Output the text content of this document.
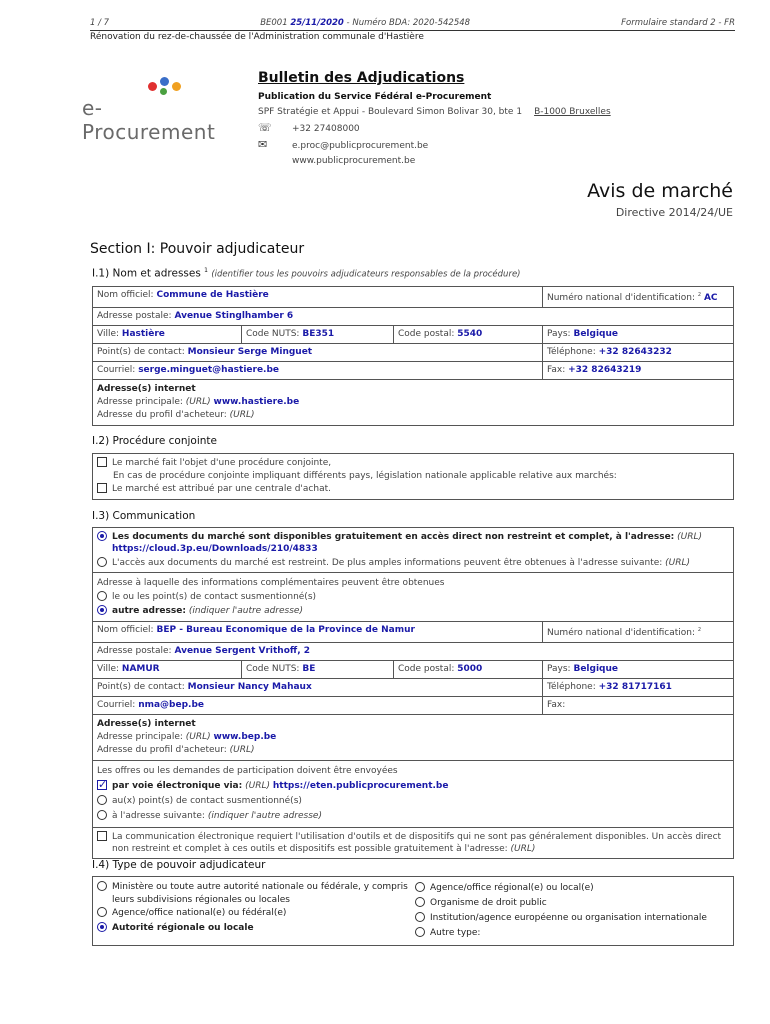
1 / 7	BE001 25/11/2020 - Numéro BDA: 2020-542548	Formulaire standard 2 - FR
Rénovation du rez-de-chaussée de l'Administration communale d'Hastière
e-Procurement
Bulletin des Adjudications
Publication du Service Fédéral e-Procurement
SPF Stratégie et Appui - Boulevard Simon Bolivar 30, bte 1 B-1000 Bruxelles
☏ +32 27408000
✉	e.proc@publicprocurement.be
www.publicprocurement.be
Avis de marché
Directive 2014/24/UE
Section I: Pouvoir adjudicateur
I.1) Nom et adresses $^1$ (identifier tous les pouvoirs adjudicateurs responsables de la procédure)
Nom officiel: Commune de Hastière	Numéro national d'identification: $^2$ AC
Adresse postale: Avenue Stinglhamber 6
Ville: Hastière	Code NUTS: BE351	Code postal: 5540	Pays: Belgique
Point(s) de contact: Monsieur Serge Minguet	Téléphone: +32 82643232
Courriel: serge.minguet@hastiere.be	Fax: +32 82643219
Adresse(s) internet
Adresse principale: (URL) www.hastiere.be
Adresse du profil d'acheteur: (URL)
I.2) Procédure conjointe
Le marché fait l'objet d'une procédure conjointe,
En cas de procédure conjointe impliquant différents pays, législation nationale applicable relative aux marchés:
Le marché est attribué par une centrale d'achat.
I.3) Communication
Les documents du marché sont disponibles gratuitement en accès direct non restreint et complet, à l'adresse: (URL) https://cloud.3p.eu/Downloads/210/4833
L'accès aux documents du marché est restreint. De plus amples informations peuvent être obtenues à l'adresse suivante: (URL)
Adresse à laquelle des informations complémentaires peuvent être obtenues
le ou les point(s) de contact susmentionné(s)
autre adresse: (indiquer l'autre adresse)
Nom officiel: BEP - Bureau Economique de la Province de Namur	Numéro national d'identification: $^2$
Adresse postale: Avenue Sergent Vrithoff, 2
Ville: NAMUR	Code NUTS: BE	Code postal: 5000	Pays: Belgique
Point(s) de contact: Monsieur Nancy Mahaux	Téléphone: +32 81717161
Courriel: nma@bep.be	Fax:
Adresse(s) internet
Adresse principale: (URL) www.bep.be
Adresse du profil d'acheteur: (URL)
Les offres ou les demandes de participation doivent être envoyées
✓par voie électronique via: (URL) https://eten.publicprocurement.be
au(x) point(s) de contact susmentionné(s)
à l'adresse suivante: (indiquer l'autre adresse)
La communication électronique requiert l'utilisation d'outils et de dispositifs qui ne sont pas généralement disponibles. Un accès direct non restreint et complet à ces outils et dispositifs est possible gratuitement à l'adresse: (URL)
I.4) Type de pouvoir adjudicateur
Ministère ou toute autre autorité nationale ou fédérale, y compris leurs subdivisions régionales ou locales
Agence/office national(e) ou fédéral(e)
Autorité régionale ou locale
Agence/office régional(e) ou local(e)
Organisme de droit public
Institution/agence européenne ou organisation internationale
Autre type:
